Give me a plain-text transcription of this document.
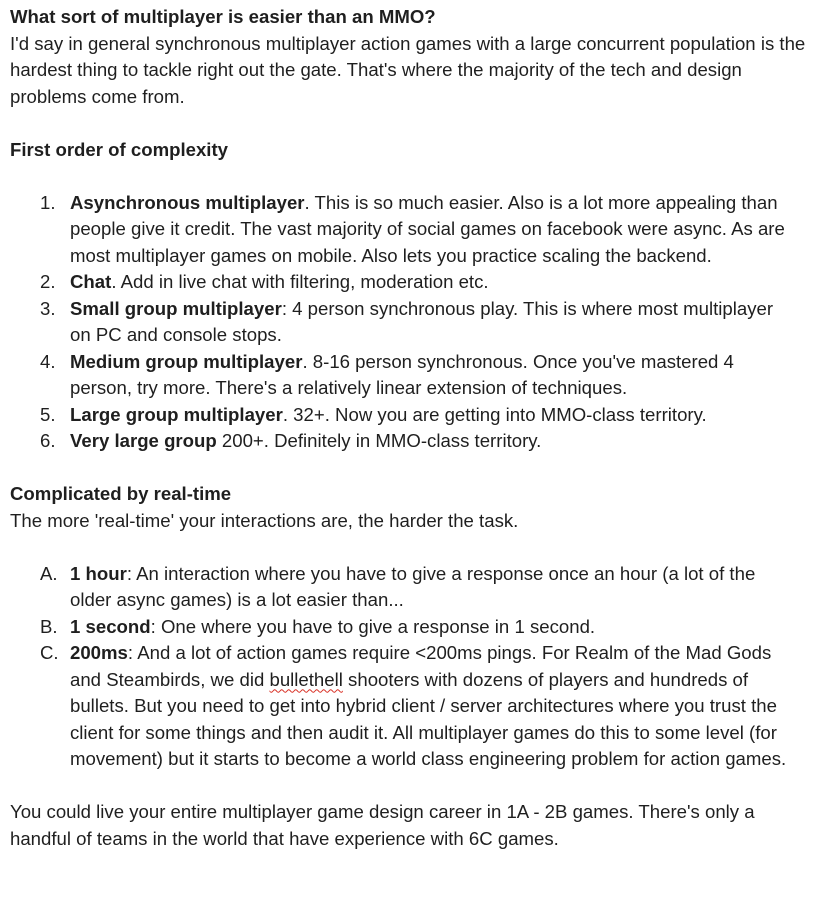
What sort of multiplayer is easier than an MMO?

I'd say in general synchronous multiplayer action games with a large concurrent population is the hardest thing to tackle right out the gate. That's where the majority of the tech and design problems come from.

First order of complexity

1. Asynchronous multiplayer. This is so much easier. Also is a lot more appealing than people give it credit. The vast majority of social games on facebook were async. As are most multiplayer games on mobile. Also lets you practice scaling the backend.
2. Chat. Add in live chat with filtering, moderation etc.
3. Small group multiplayer: 4 person synchronous play. This is where most multiplayer on PC and console stops.
4. Medium group multiplayer. 8-16 person synchronous. Once you've mastered 4 person, try more. There's a relatively linear extension of techniques.
5. Large group multiplayer. 32+. Now you are getting into MMO-class territory.
6. Very large group 200+. Definitely in MMO-class territory.

Complicated by real-time

The more 'real-time' your interactions are, the harder the task.

A. 1 hour: An interaction where you have to give a response once an hour (a lot of the older async games) is a lot easier than...
B. 1 second: One where you have to give a response in 1 second.
C. 200ms: And a lot of action games require <200ms pings. For Realm of the Mad Gods and Steambirds, we did bullethell shooters with dozens of players and hundreds of bullets. But you need to get into hybrid client / server architectures where you trust the client for some things and then audit it. All multiplayer games do this to some level (for movement) but it starts to become a world class engineering problem for action games.

You could live your entire multiplayer game design career in 1A - 2B games. There's only a handful of teams in the world that have experience with 6C games.
